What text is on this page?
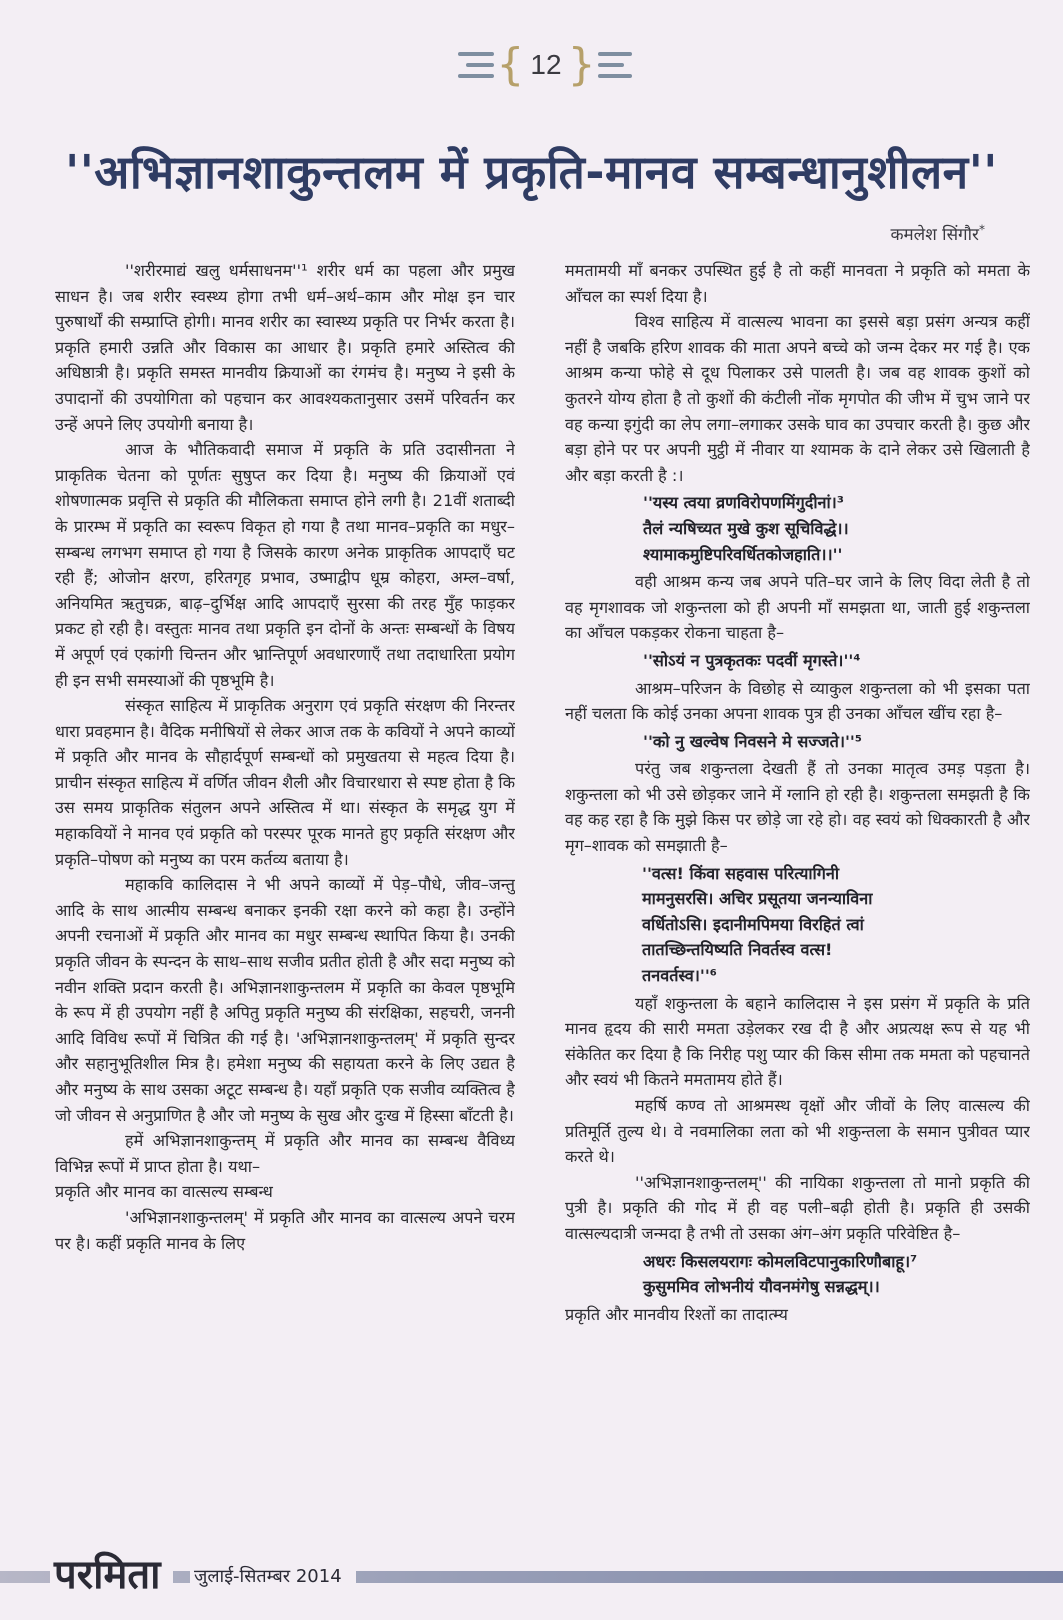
{ 12 }
''अभिज्ञानशाकुन्तलम में प्रकृति-मानव सम्बन्धानुशीलन''
कमलेश सिंगौर*

''शरीरमाद्यं खलु धर्मसाधनम''¹ शरीर धर्म का पहला और प्रमुख साधन है। जब शरीर स्वस्थ्य होगा तभी धर्म–अर्थ–काम और मोक्ष इन चार पुरुषार्थों की सम्प्राप्ति होगी। मानव शरीर का स्वास्थ्य प्रकृति पर निर्भर करता है। प्रकृति हमारी उन्नति और विकास का आधार है। प्रकृति हमारे अस्तित्व की अधिष्ठात्री है। प्रकृति समस्त मानवीय क्रियाओं का रंगमंच है। मनुष्य ने इसी के उपादानों की उपयोगिता को पहचान कर आवश्यकतानुसार उसमें परिवर्तन कर उन्हें अपने लिए उपयोगी बनाया है।

आज के भौतिकवादी समाज में प्रकृति के प्रति उदासीनता ने प्राकृतिक चेतना को पूर्णतः सुषुप्त कर दिया है। मनुष्य की क्रियाओं एवं शोषणात्मक प्रवृत्ति से प्रकृति की मौलिकता समाप्त होने लगी है। 21वीं शताब्दी के प्रारम्भ में प्रकृति का स्वरूप विकृत हो गया है तथा मानव–प्रकृति का मधुर–सम्बन्ध लगभग समाप्त हो गया है जिसके कारण अनेक प्राकृतिक आपदाएँ घट रही हैं; ओजोन क्षरण, हरितगृह प्रभाव, उष्माद्वीप धूम्र कोहरा, अम्ल–वर्षा, अनियमित ऋतुचक्र, बाढ़–दुर्भिक्ष आदि आपदाएँ सुरसा की तरह मुँह फाड़कर प्रकट हो रही है। वस्तुतः मानव तथा प्रकृति इन दोनों के अन्तः सम्बन्धों के विषय में अपूर्ण एवं एकांगी चिन्तन और भ्रान्तिपूर्ण अवधारणाएँ तथा तदाधारिता प्रयोग ही इन सभी समस्याओं की पृष्ठभूमि है।

संस्कृत साहित्य में प्राकृतिक अनुराग एवं प्रकृति संरक्षण की निरन्तर धारा प्रवहमान है। वैदिक मनीषियों से लेकर आज तक के कवियों ने अपने काव्यों में प्रकृति और मानव के सौहार्दपूर्ण सम्बन्धों को प्रमुखतया से महत्व दिया है। प्राचीन संस्कृत साहित्य में वर्णित जीवन शैली और विचारधारा से स्पष्ट होता है कि उस समय प्राकृतिक संतुलन अपने अस्तित्व में था। संस्कृत के समृद्ध युग में महाकवियों ने मानव एवं प्रकृति को परस्पर पूरक मानते हुए प्रकृति संरक्षण और प्रकृति–पोषण को मनुष्य का परम कर्तव्य बताया है।

महाकवि कालिदास ने भी अपने काव्यों में पेड़–पौधे, जीव–जन्तु आदि के साथ आत्मीय सम्बन्ध बनाकर इनकी रक्षा करने को कहा है। उन्होंने अपनी रचनाओं में प्रकृति और मानव का मधुर सम्बन्ध स्थापित किया है। उनकी प्रकृति जीवन के स्पन्दन के साथ–साथ सजीव प्रतीत होती है और सदा मनुष्य को नवीन शक्ति प्रदान करती है। अभिज्ञानशाकुन्तलम में प्रकृति का केवल पृष्ठभूमि के रूप में ही उपयोग नहीं है अपितु प्रकृति मनुष्य की संरक्षिका, सहचरी, जननी आदि विविध रूपों में चित्रित की गई है। 'अभिज्ञानशाकुन्तलम्' में प्रकृति सुन्दर और सहानुभूतिशील मित्र है। हमेशा मनुष्य की सहायता करने के लिए उद्यत है और मनुष्य के साथ उसका अटूट सम्बन्ध है। यहाँ प्रकृति एक सजीव व्यक्तित्व है जो जीवन से अनुप्राणित है और जो मनुष्य के सुख और दुःख में हिस्सा बाँटती है।

हमें अभिज्ञानशाकुन्तम् में प्रकृति और मानव का सम्बन्ध वैविध्य विभिन्न रूपों में प्राप्त होता है। यथा–

प्रकृति और मानव का वात्सल्य सम्बन्ध

'अभिज्ञानशाकुन्तलम्' में प्रकृति और मानव का वात्सल्य अपने चरम पर है। कहीं प्रकृति मानव के लिए

ममतामयी माँ बनकर उपस्थित हुई है तो कहीं मानवता ने प्रकृति को ममता के आँचल का स्पर्श दिया है।

विश्व साहित्य में वात्सल्य भावना का इससे बड़ा प्रसंग अन्यत्र कहीं नहीं है जबकि हरिण शावक की माता अपने बच्चे को जन्म देकर मर गई है। एक आश्रम कन्या फोहे से दूध पिलाकर उसे पालती है। जब वह शावक कुशों को कुतरने योग्य होता है तो कुशों की कंटीली नोंक मृगपोत की जीभ में चुभ जाने पर वह कन्या इगुंदी का लेप लगा–लगाकर उसके घाव का उपचार करती है। कुछ और बड़ा होने पर पर अपनी मुट्ठी में नीवार या श्यामक के दाने लेकर उसे खिलाती है और बड़ा करती है :।

''यस्य त्वया व्रणविरोपणमिंगुदीनां।³
तैलं न्यषिच्यत मुखे कुश सूचिविद्धे।।
श्यामाकमुष्टिपरिवर्धितकोजहाति।।''

वही आश्रम कन्य जब अपने पति–घर जाने के लिए विदा लेती है तो वह मृगशावक जो शकुन्तला को ही अपनी माँ समझता था, जाती हुई शकुन्तला का आँचल पकड़कर रोकना चाहता है–

''सोऽयं न पुत्रकृतकः पदवीं मृगस्ते।''⁴

आश्रम–परिजन के विछोह से व्याकुल शकुन्तला को भी इसका पता नहीं चलता कि कोई उनका अपना शावक पुत्र ही उनका आँचल खींच रहा है–

''को नु खल्वेष निवसने मे सज्जते।''⁵

परंतु जब शकुन्तला देखती हैं तो उनका मातृत्व उमड़ पड़ता है। शकुन्तला को भी उसे छोड़कर जाने में ग्लानि हो रही है। शकुन्तला समझती है कि वह कह रहा है कि मुझे किस पर छोड़े जा रहे हो। वह स्वयं को धिक्कारती है और मृग–शावक को समझाती है–

''वत्स! किंवा सहवास परित्यागिनी
मामनुसरसि। अचिर प्रसूतया जनन्याविना
वर्धितोऽसि। इदानीमपिमया विरहितं त्वां
तातच्छिन्तयिष्यति निवर्तस्व वत्स!
तनवर्तस्व।''⁶

यहाँ शकुन्तला के बहाने कालिदास ने इस प्रसंग में प्रकृति के प्रति मानव हृदय की सारी ममता उड़ेलकर रख दी है और अप्रत्यक्ष रूप से यह भी संकेतित कर दिया है कि निरीह पशु प्यार की किस सीमा तक ममता को पहचानते और स्वयं भी कितने ममतामय होते हैं।

महर्षि कण्व तो आश्रमस्थ वृक्षों और जीवों के लिए वात्सल्य की प्रतिमूर्ति तुल्य थे। वे नवमालिका लता को भी शकुन्तला के समान पुत्रीवत प्यार करते थे।

''अभिज्ञानशाकुन्तलम्'' की नायिका शकुन्तला तो मानो प्रकृति की पुत्री है। प्रकृति की गोद में ही वह पली–बढ़ी होती है। प्रकृति ही उसकी वात्सल्यदात्री जन्मदा है तभी तो उसका अंग–अंग प्रकृति परिवेष्टित है–

अधरः किसलयरागः कोमलविटपानुकारिणौबाहू।⁷
कुसुममिव लोभनीयं यौवनमंगेषु सन्नद्धम्।।

प्रकृति और मानवीय रिश्तों का तादात्म्य

परमिता	जुलाई-सितम्बर 2014
